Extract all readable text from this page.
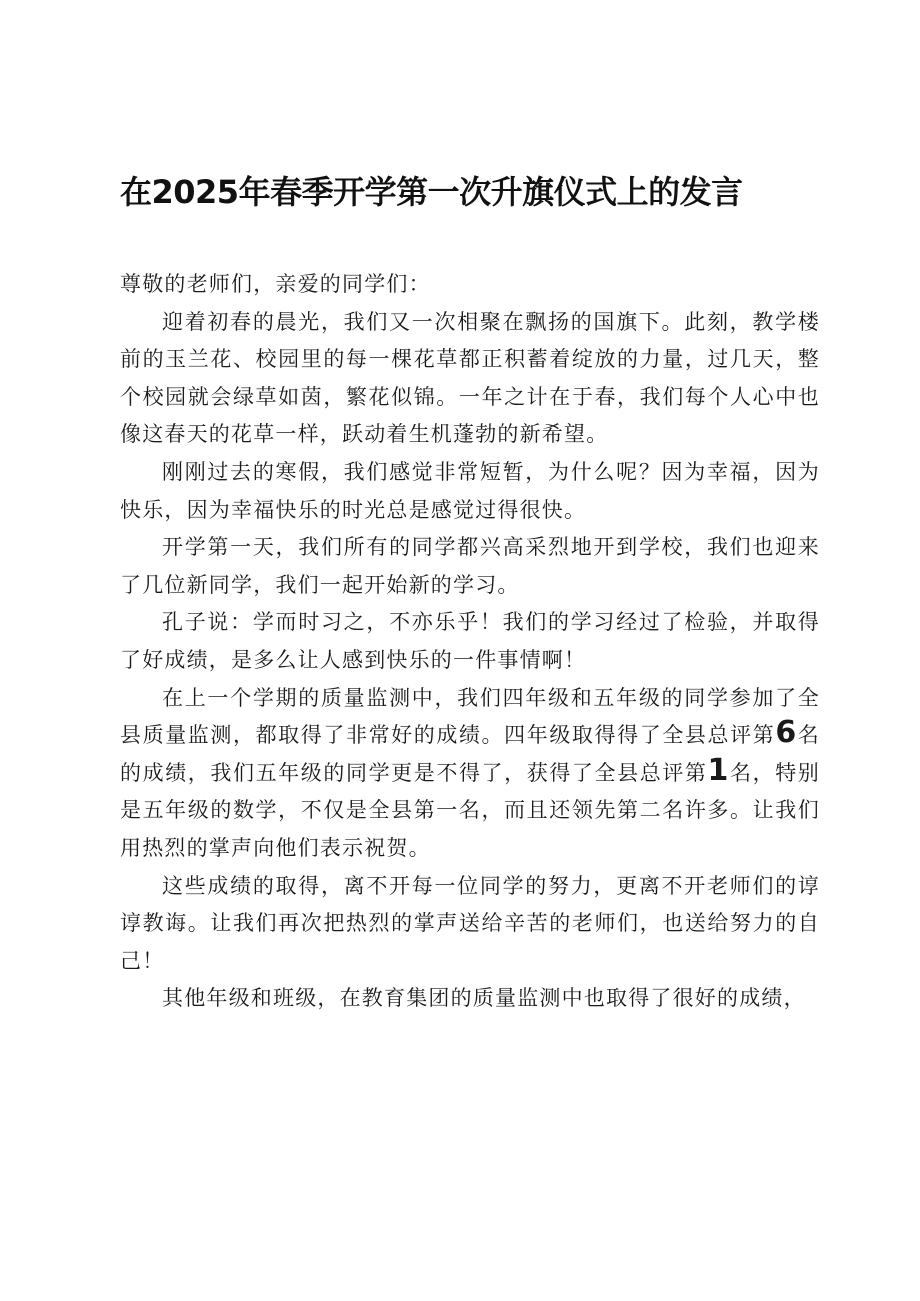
在2025年春季开学第一次升旗仪式上的发言

尊敬的老师们，亲爱的同学们：

迎着初春的晨光，我们又一次相聚在飘扬的国旗下。此刻，教学楼前的玉兰花、校园里的每一棵花草都正积蓄着绽放的力量，过几天，整个校园就会绿草如茵，繁花似锦。一年之计在于春，我们每个人心中也像这春天的花草一样，跃动着生机蓬勃的新希望。

刚刚过去的寒假，我们感觉非常短暂，为什么呢？因为幸福，因为快乐，因为幸福快乐的时光总是感觉过得很快。

开学第一天，我们所有的同学都兴高采烈地开到学校，我们也迎来了几位新同学，我们一起开始新的学习。

孔子说：学而时习之，不亦乐乎！我们的学习经过了检验，并取得了好成绩，是多么让人感到快乐的一件事情啊！

在上一个学期的质量监测中，我们四年级和五年级的同学参加了全县质量监测，都取得了非常好的成绩。四年级取得得了全县总评第6名的成绩，我们五年级的同学更是不得了，获得了全县总评第1名，特别是五年级的数学，不仅是全县第一名，而且还领先第二名许多。让我们用热烈的掌声向他们表示祝贺。

这些成绩的取得，离不开每一位同学的努力，更离不开老师们的谆谆教诲。让我们再次把热烈的掌声送给辛苦的老师们，也送给努力的自己！

其他年级和班级，在教育集团的质量监测中也取得了很好的成绩，
